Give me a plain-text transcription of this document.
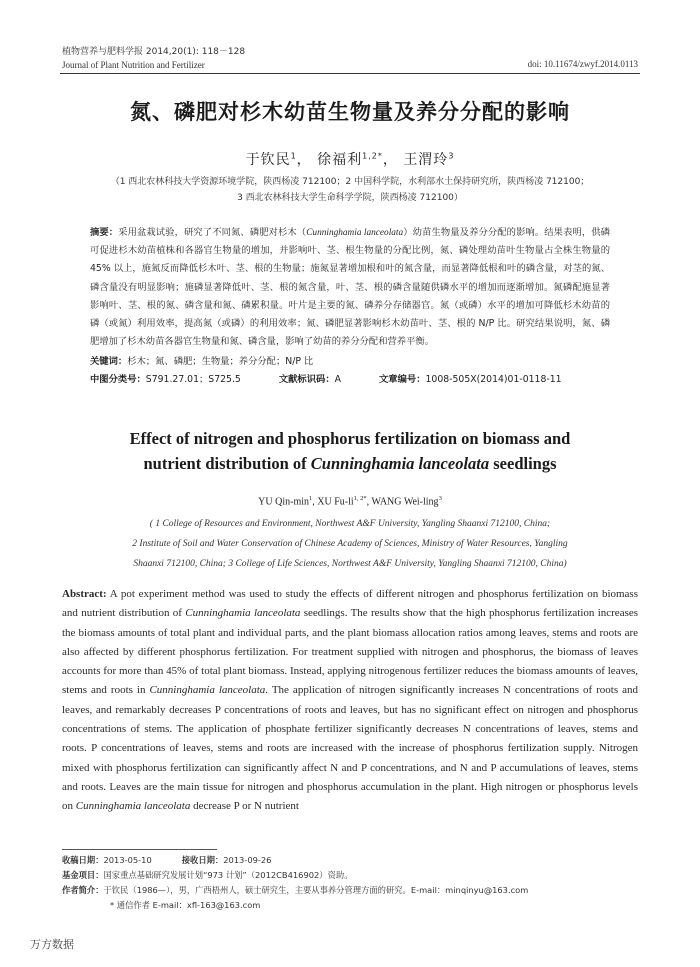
植物营养与肥料学报 2014,20(1): 118－128
Journal of Plant Nutrition and Fertilizer	doi: 10.11674/zwyf.2014.0113
氮、磷肥对杉木幼苗生物量及养分分配的影响
于钦民$^1$， 徐福利$^{1,2*}$， 王渭玲$^3$
（1 西北农林科技大学资源环境学院，陕西杨凌 712100；2 中国科学院，水利部水土保持研究所，陕西杨凌 712100；
3 西北农林科技大学生命科学学院，陕西杨凌 712100）
摘要：采用盆栽试验，研究了不同氮、磷肥对杉木（Cunninghamia lanceolata）幼苗生物量及养分分配的影响。结果表明，供磷可促进杉木幼苗植株和各器官生物量的增加，并影响叶、茎、根生物量的分配比例，氮、磷处理幼苗叶生物量占全株生物量的 45% 以上，施氮反而降低杉木叶、茎、根的生物量；施氮显著增加根和叶的氮含量，而显著降低根和叶的磷含量，对茎的氮、磷含量没有明显影响；施磷显著降低叶、茎、根的氮含量，叶、茎、根的磷含量随供磷水平的增加而逐渐增加。氮磷配施显著影响叶、茎、根的氮、磷含量和氮、磷累积量。叶片是主要的氮、磷养分存储器官。氮（或磷）水平的增加可降低杉木幼苗的磷（或氮）利用效率，提高氮（或磷）的利用效率；氮、磷肥显著影响杉木幼苗叶、茎、根的 N/P 比。研究结果说明，氮、磷肥增加了杉木幼苗各器官生物量和氮、磷含量，影响了幼苗的养分分配和营养平衡。
关键词：杉木；氮、磷肥；生物量；养分分配；N/P 比
中图分类号：S791.27.01；S725.5	文献标识码：A	文章编号：1008-505X(2014)01-0118-11
Effect of nitrogen and phosphorus fertilization on biomass and
nutrient distribution of Cunninghamia lanceolata seedlings
YU Qin-$\min^1$, XU $Fu-li^{1, 2*}$, WANG Wei-ling$^3$
( 1 College of Resources and Environment, Northwest A&F University, Yangling Shaanxi 712100, China;
2 Institute of Soil and Water Conservation of Chinese Academy of Sciences, Ministry of Water Resources, Yangling
Shaanxi 712100, China; 3 College of Life Sciences, Northwest A&F University, Yangling Shaanxi 712100, China)
Abstract: A pot experiment method was used to study the effects of different nitrogen and phosphorus fertilization on biomass and nutrient distribution of Cunninghamia lanceolata seedlings. The results show that the high phosphorus fertilization increases the biomass amounts of total plant and individual parts, and the plant biomass allocation ratios among leaves, stems and roots are also affected by different phosphorus fertilization. For treatment supplied with nitrogen and phosphorus, the biomass of leaves accounts for more than 45% of total plant biomass. Instead, applying nitrogenous fertilizer reduces the biomass amounts of leaves, stems and roots in Cunninghamia lanceolata. The application of nitrogen significantly increases N concentrations of roots and leaves, and remarkably decreases P concentrations of roots and leaves, but has no significant effect on nitrogen and phosphorus concentrations of stems. The application of phosphate fertilizer significantly decreases N concentrations of leaves, stems and roots. P concentrations of leaves, stems and roots are increased with the increase of phosphorus fertilization supply. Nitrogen mixed with phosphorus fertilization can significantly affect N and P concentrations, and N and P accumulations of leaves, stems and roots. Leaves are the main tissue for nitrogen and phosphorus accumulation in the plant. High nitrogen or phosphorus levels on Cunninghamia lanceolata decrease P or N nutrient
收稿日期：2013-05-10	接收日期：2013-09-26
基金项目：国家重点基础研究发展计划“973 计划”（2012CB416902）资助。
作者简介：于钦民（1986—），男，广西梧州人，硕士研究生，主要从事养分管理方面的研究。E-mail：minqinyu@163.com
* 通信作者 E-mail：xfl-163@163.com
万方数据
